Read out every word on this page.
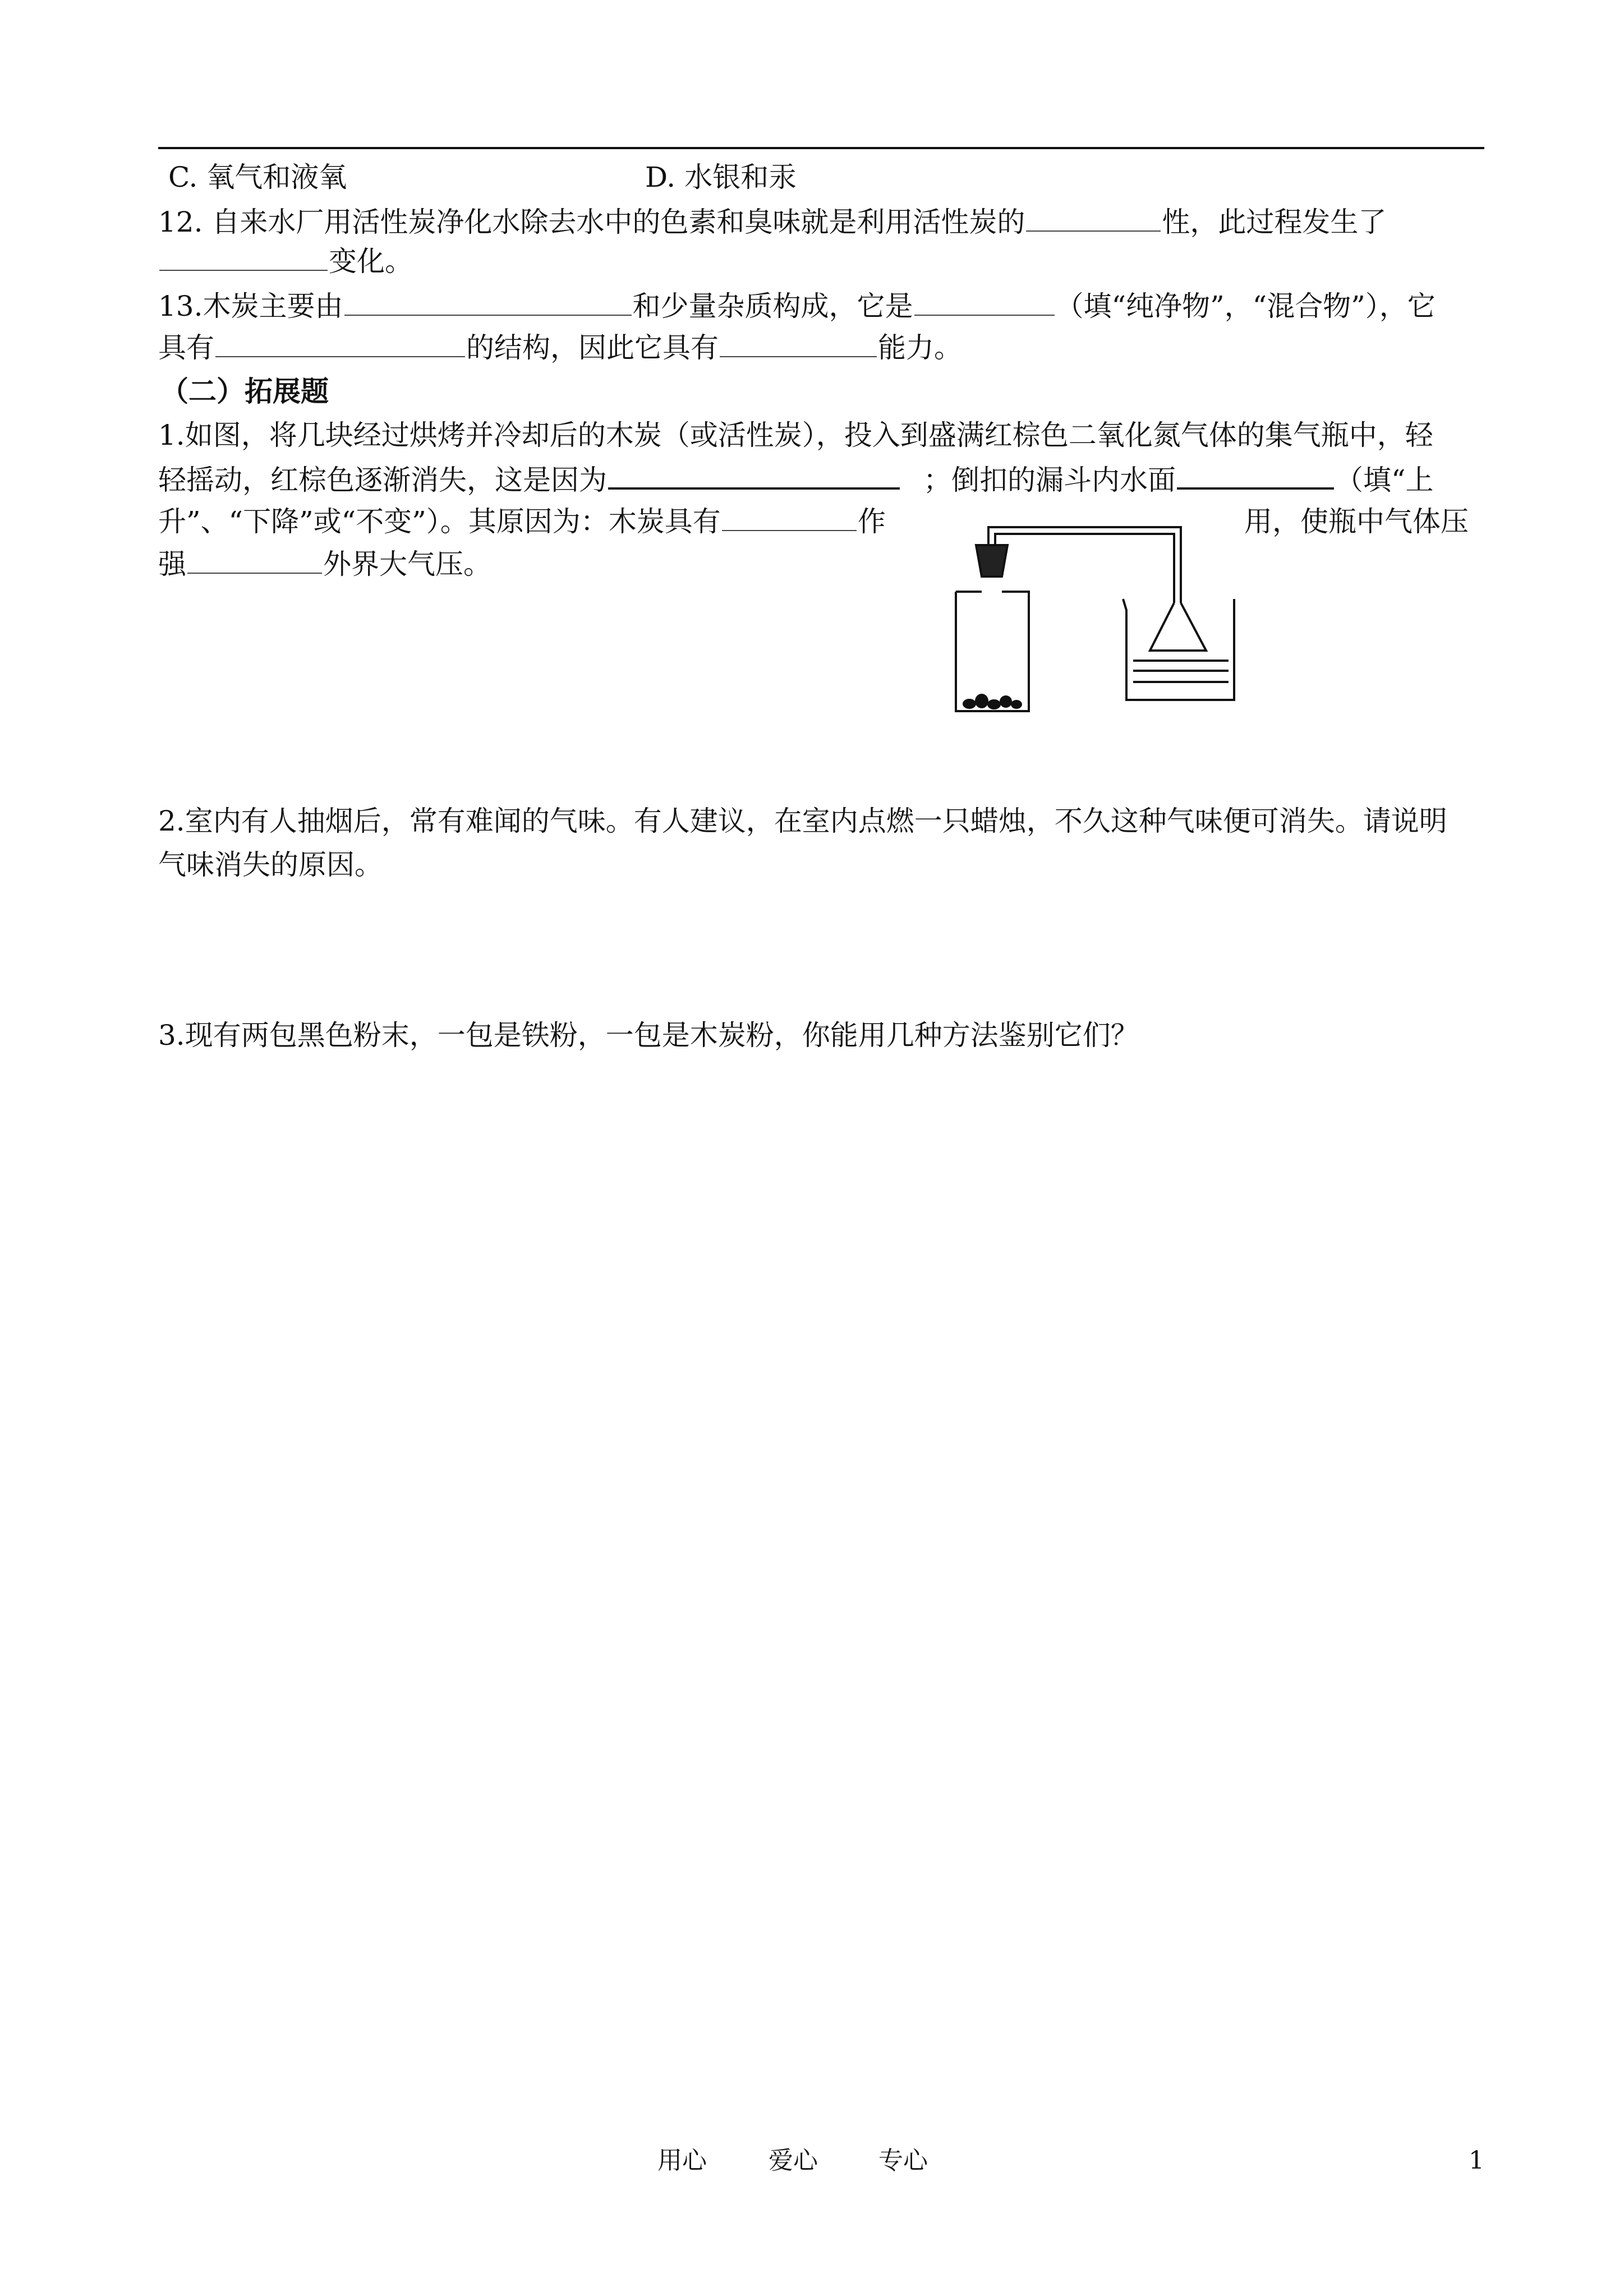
C. 氧气和液氧	D. 水银和汞
12. 自来水厂用活性炭净化水除去水中的色素和臭味就是利用活性炭的	性，此过程发生了
变化。
13.木炭主要由	和少量杂质构成，它是	（填“纯净物”，“混合物”），它
具有	的结构，因此它具有	能力。
（二）拓展题
1.如图，将几块经过烘烤并冷却后的木炭（或活性炭），投入到盛满红棕色二氧化氮气体的集气瓶中，轻
轻摇动，红棕色逐渐消失，这是因为	；倒扣的漏斗内水面	（填“上
升”、“下降”或“不变”）。其原因为：木炭具有	作	用，使瓶中气体压
强	外界大气压。
2.室内有人抽烟后，常有难闻的气味。有人建议，在室内点燃一只蜡烛，不久这种气味便可消失。请说明
气味消失的原因。
3.现有两包黑色粉末，一包是铁粉，一包是木炭粉，你能用几种方法鉴别它们？
用心	爱心 专心	1
